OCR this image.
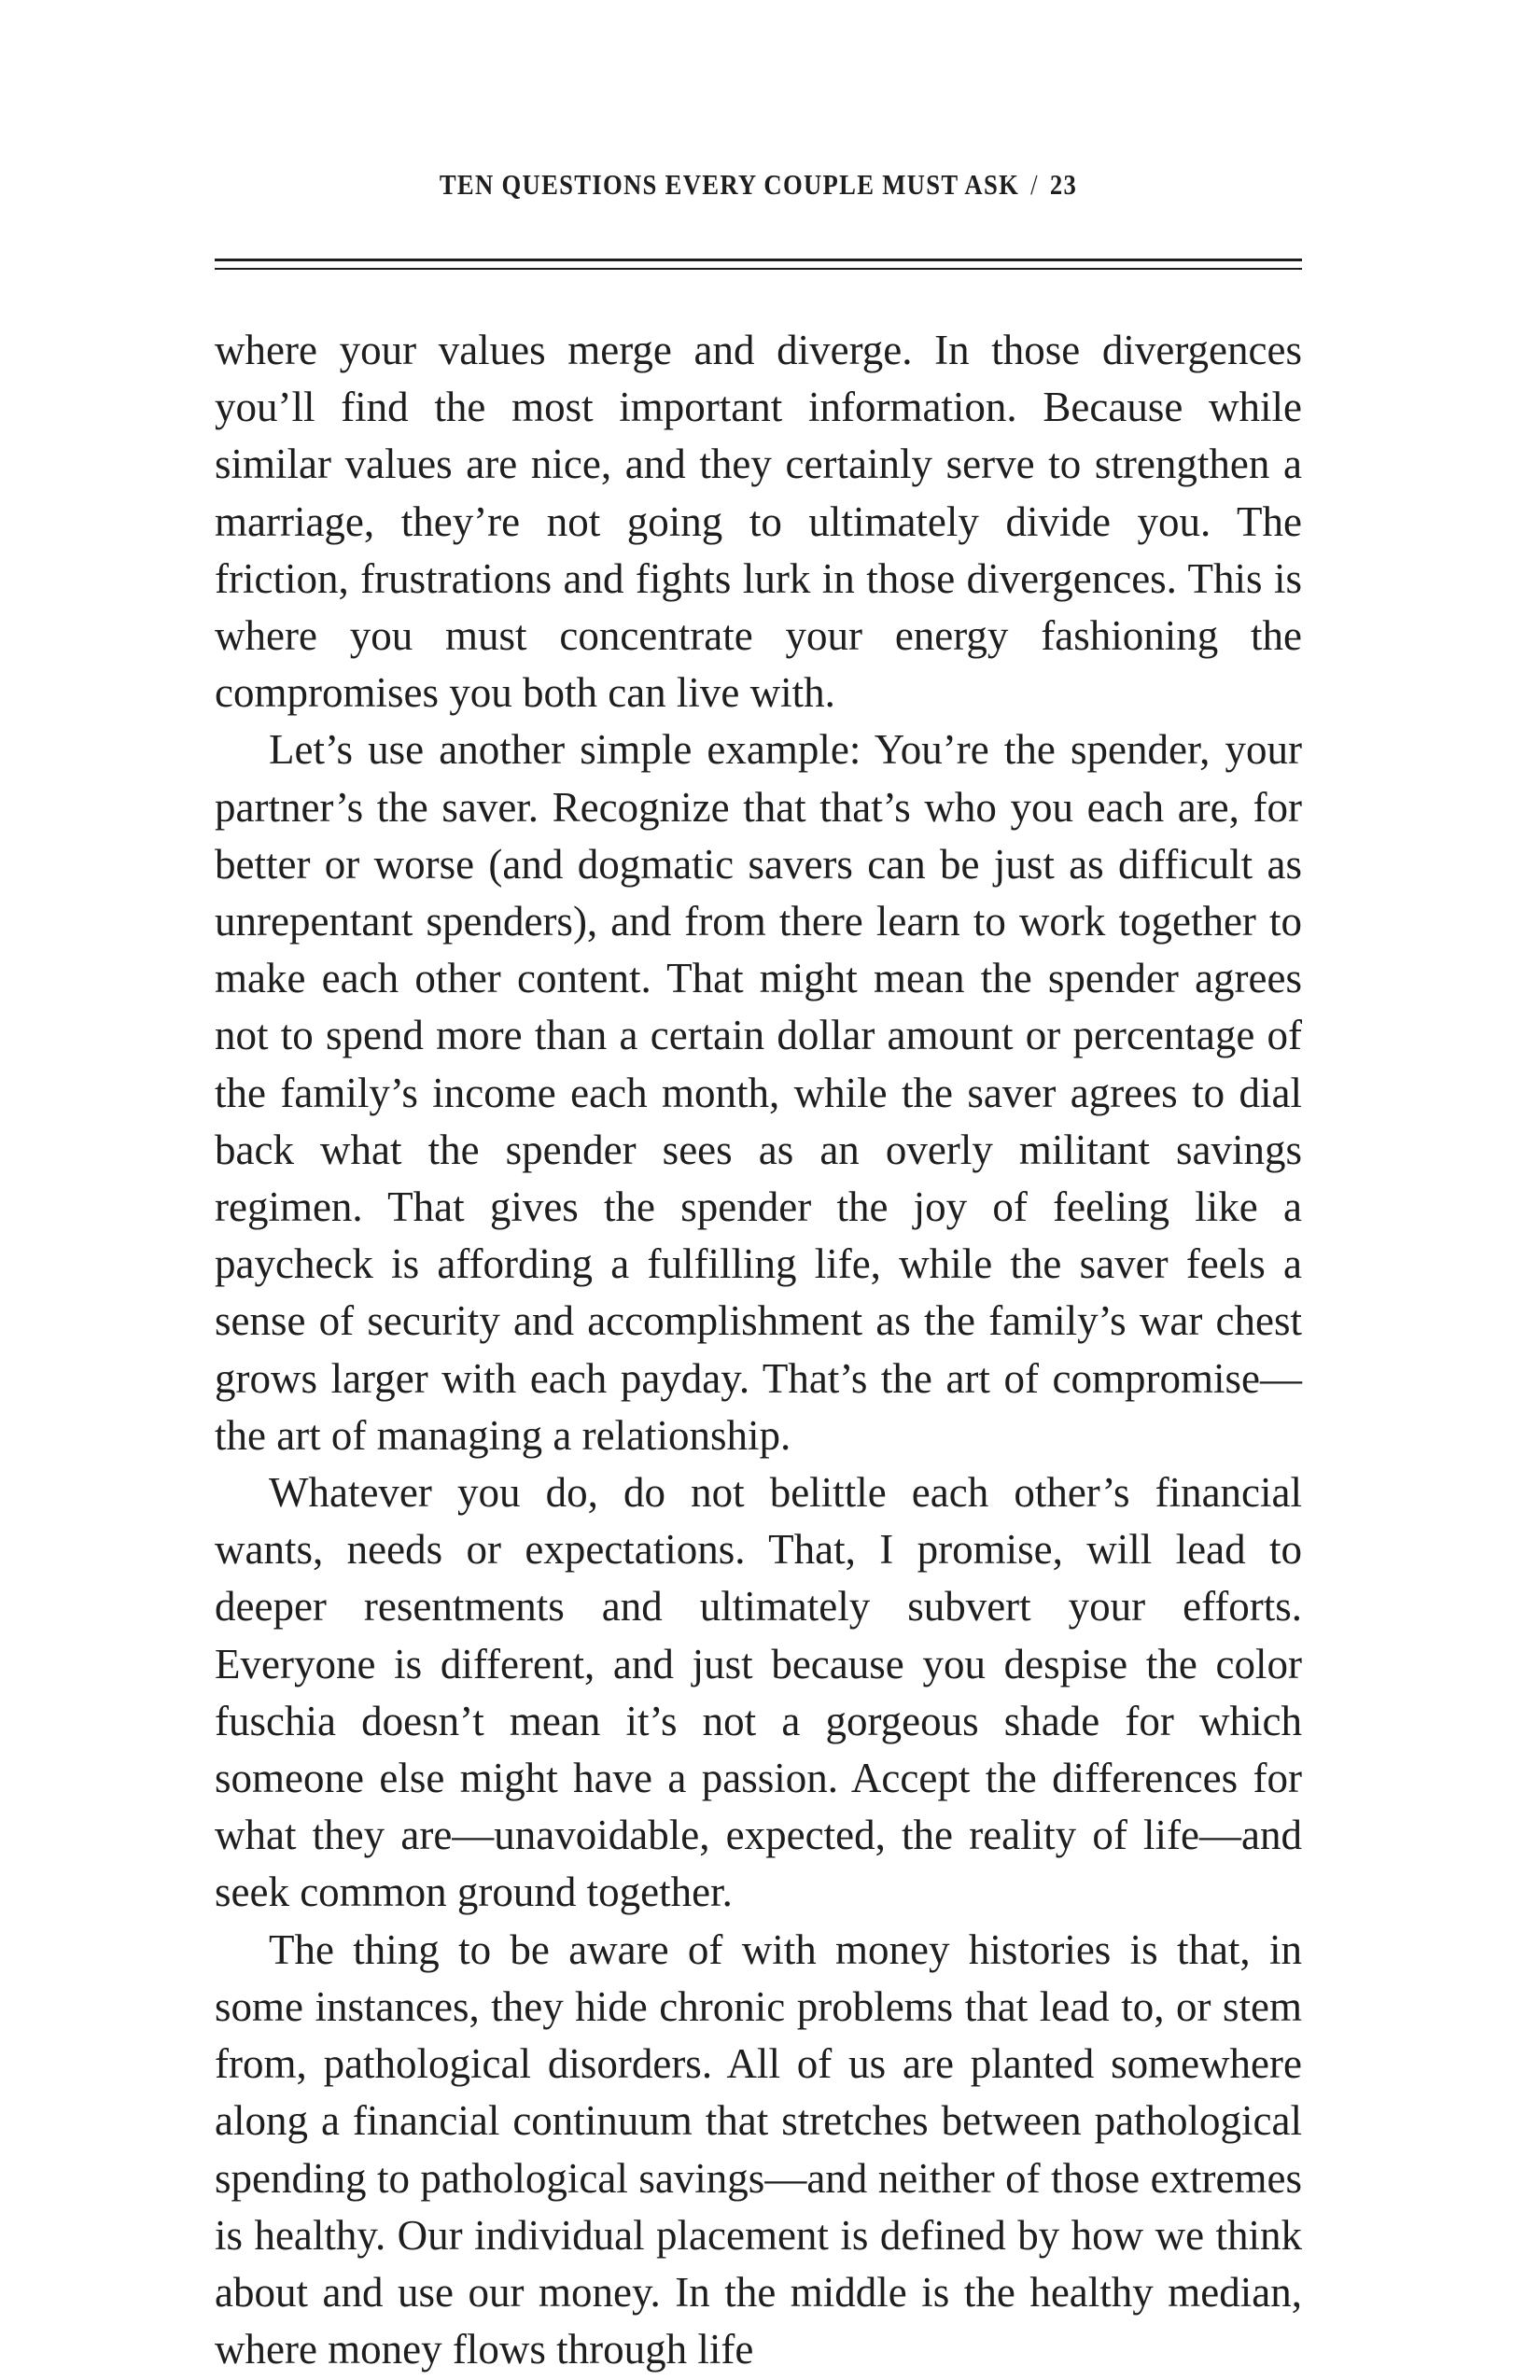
TEN QUESTIONS EVERY COUPLE MUST ASK / 23

where your values merge and diverge. In those divergences you’ll find the most important information. Because while similar values are nice, and they certainly serve to strengthen a marriage, they’re not going to ultimately divide you. The friction, frustrations and fights lurk in those divergences. This is where you must concentrate your energy fashioning the compromises you both can live with.

Let’s use another simple example: You’re the spender, your partner’s the saver. Recognize that that’s who you each are, for better or worse (and dogmatic savers can be just as difficult as unrepentant spenders), and from there learn to work together to make each other content. That might mean the spender agrees not to spend more than a certain dollar amount or percentage of the family’s income each month, while the saver agrees to dial back what the spender sees as an overly militant savings regimen. That gives the spender the joy of feeling like a paycheck is affording a fulfilling life, while the saver feels a sense of security and accomplishment as the family’s war chest grows larger with each payday. That’s the art of compromise—the art of managing a relationship.

Whatever you do, do not belittle each other’s financial wants, needs or expectations. That, I promise, will lead to deeper resentments and ultimately subvert your efforts. Everyone is different, and just because you despise the color fuschia doesn’t mean it’s not a gorgeous shade for which someone else might have a passion. Accept the differences for what they are—unavoidable, expected, the reality of life—and seek common ground together.

The thing to be aware of with money histories is that, in some instances, they hide chronic problems that lead to, or stem from, pathological disorders. All of us are planted somewhere along a financial continuum that stretches between pathological spending to pathological savings—and neither of those extremes is healthy. Our individual placement is defined by how we think about and use our money. In the middle is the healthy median, where money flows through life
